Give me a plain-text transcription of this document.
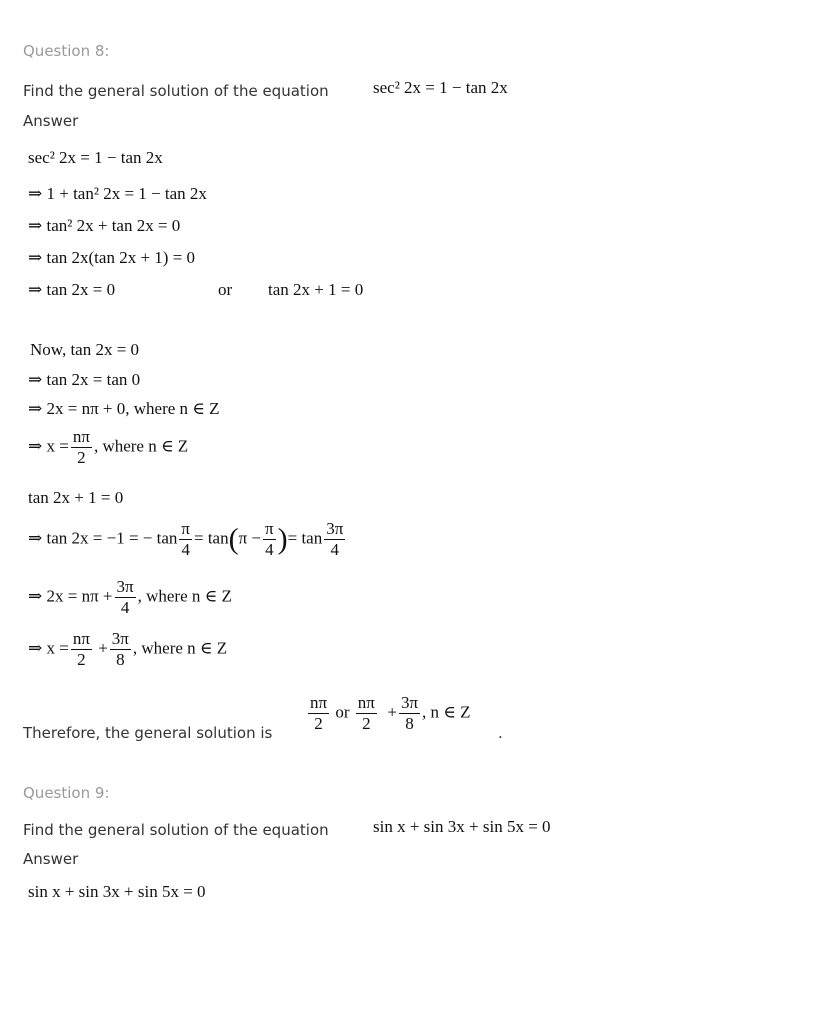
Question 8:
Find the general solution of the equation	sec² 2x = 1 − tan 2x
Answer
sec² 2x = 1 − tan 2x
⇒ 1 + tan² 2x = 1 − tan 2x
⇒ tan² 2x + tan 2x = 0
⇒ tan 2x(tan 2x + 1) = 0
⇒ tan 2x = 0	or tan 2x + 1 = 0
Now, tan 2x = 0
⇒ tan 2x = tan 0
⇒ 2x = nπ + 0, where n ∈ Z
⇒ $x = \frac{n\pi}{2}$ , where n ∈ Z
tan 2x + 1 = 0
⇒ tan 2x = −1 = − $\tan \frac{\pi}{4} = \tan(\pi - \frac{\pi}{4}$ )= $\tan \frac{3\pi}{4}$
⇒ $2x = n\pi + \frac{3\pi}{4}$ , where n ∈ Z
⇒ $x = \frac{n\pi}{2} + \frac{3\pi}{8}$ , where n ∈ Z
Therefore, the general solution is
$\frac{n\pi}{2}$ or $\frac{n\pi}{2} + \frac{3\pi}{8}$ , n ∈ Z
.
Question 9:
Find the general solution of the equation	sin x + sin 3x + sin 5x = 0
Answer
sin x + sin 3x + sin 5x = 0
